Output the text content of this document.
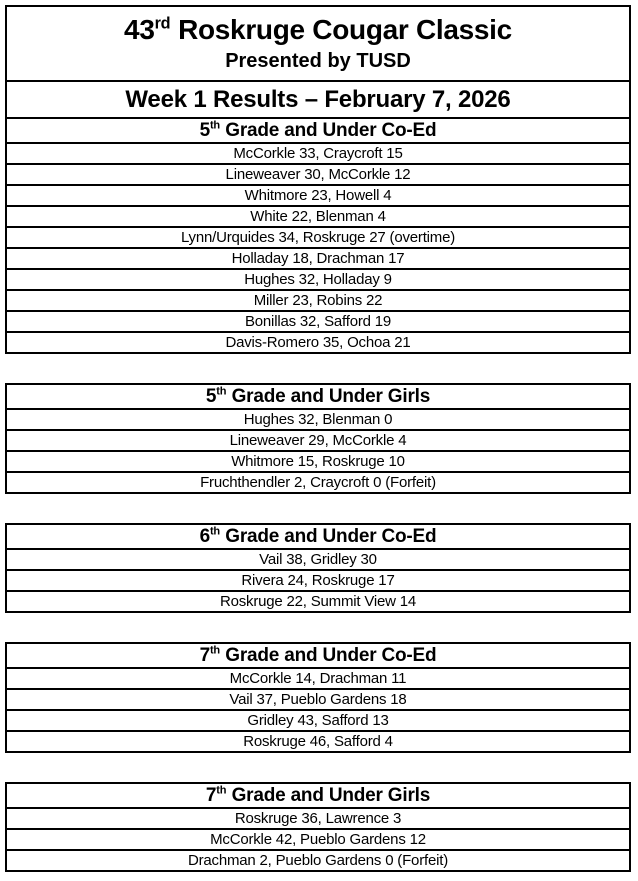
43rd Roskruge Cougar Classic
Presented by TUSD
Week 1 Results – February 7, 2026
5th Grade and Under Co-Ed
McCorkle 33, Craycroft 15
Lineweaver 30, McCorkle 12
Whitmore 23, Howell 4
White 22, Blenman 4
Lynn/Urquides 34, Roskruge 27 (overtime)
Holladay 18, Drachman 17
Hughes 32, Holladay 9
Miller 23, Robins 22
Bonillas 32, Safford 19
Davis-Romero 35, Ochoa 21
5th Grade and Under Girls
Hughes 32, Blenman 0
Lineweaver 29, McCorkle 4
Whitmore 15, Roskruge 10
Fruchthendler 2, Craycroft 0 (Forfeit)
6th Grade and Under Co-Ed
Vail 38, Gridley 30
Rivera 24, Roskruge 17
Roskruge 22, Summit View 14
7th Grade and Under Co-Ed
McCorkle 14, Drachman 11
Vail 37, Pueblo Gardens 18
Gridley 43, Safford 13
Roskruge 46, Safford 4
7th Grade and Under Girls
Roskruge 36, Lawrence 3
McCorkle 42, Pueblo Gardens 12
Drachman 2, Pueblo Gardens 0 (Forfeit)
